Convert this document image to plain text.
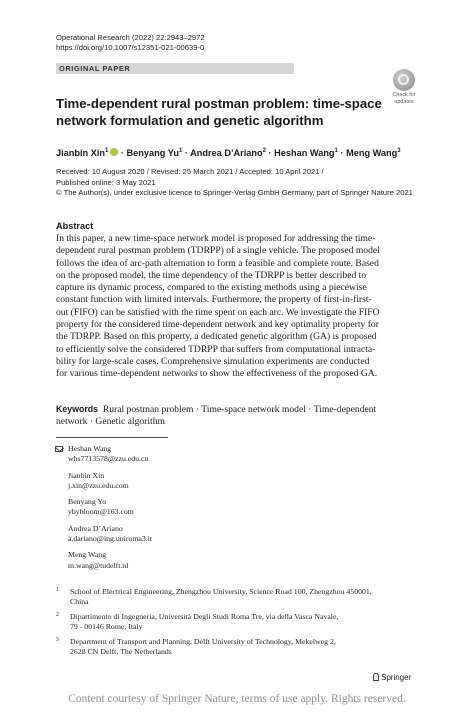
Operational Research (2022) 22:2943–2972
https://doi.org/10.1007/s12351-021-00639-0
ORIGINAL PAPER
Check for
updates
Time-dependent rural postman problem: time-space network formulation and genetic algorithm
Jianbin Xin$^1$ · Benyang $Yu^1$ · Andrea D’Ariano$^2$ · Heshan Wang$^1$ · Meng Wang$^3$
Received: 10 August 2020 / Revised: 25 March 2021 / Accepted: 10 April 2021 /
Published online: 3 May 2021
© The Author(s), under exclusive licence to Springer-Verlag GmbH Germany, part of Springer Nature 2021
Abstract
In this paper, a new time-space network model is proposed for addressing the time-
dependent rural postman problem (TDRPP) of a single vehicle. The proposed model
follows the idea of arc-path alternation to form a feasible and complete route. Based
on the proposed model, the time dependency of the TDRPP is better described to
capture its dynamic process, compared to the existing methods using a piecewise
constant function with limited intervals. Furthermore, the property of first-in-first-
out (FIFO) can be satisfied with the time spent on each arc. We investigate the FIFO
property for the considered time-dependent network and key optimality property for
the TDRPP. Based on this property, a dedicated genetic algorithm (GA) is proposed
to efficiently solve the considered TDRPP that suffers from computational intracta-
bility for large-scale cases. Comprehensive simulation experiments are conducted
for various time-dependent networks to show the effectiveness of the proposed GA.
Keywords Rural postman problem · Time-space network model · Time-dependent
network · Genetic algorithm
Heshan Wang
whs7713578@zzu.edu.cn
Jianbin Xin
j.xin@zzu.edu.com
Benyang Yu
ybybloom@163.com
Andrea D’Ariano
a.dariano@ing.uniroma3.it
Meng Wang
m.wang@tudelft.nl
1 School of Electrical Engineering, Zhengzhou University, Science Road 100, Zhengzhou 450001,
China
2 Dipartimento di Ingegneria, Università Degli Studi Roma Tre, via della Vasca Navale,
79 - 00146 Rome, Italy
3 Department of Transport and Planning, Delft University of Technology, Mekelweg 2,
2628 CN Delft, The Netherlands
Springer
Content courtesy of Springer Nature, terms of use apply. Rights reserved.
